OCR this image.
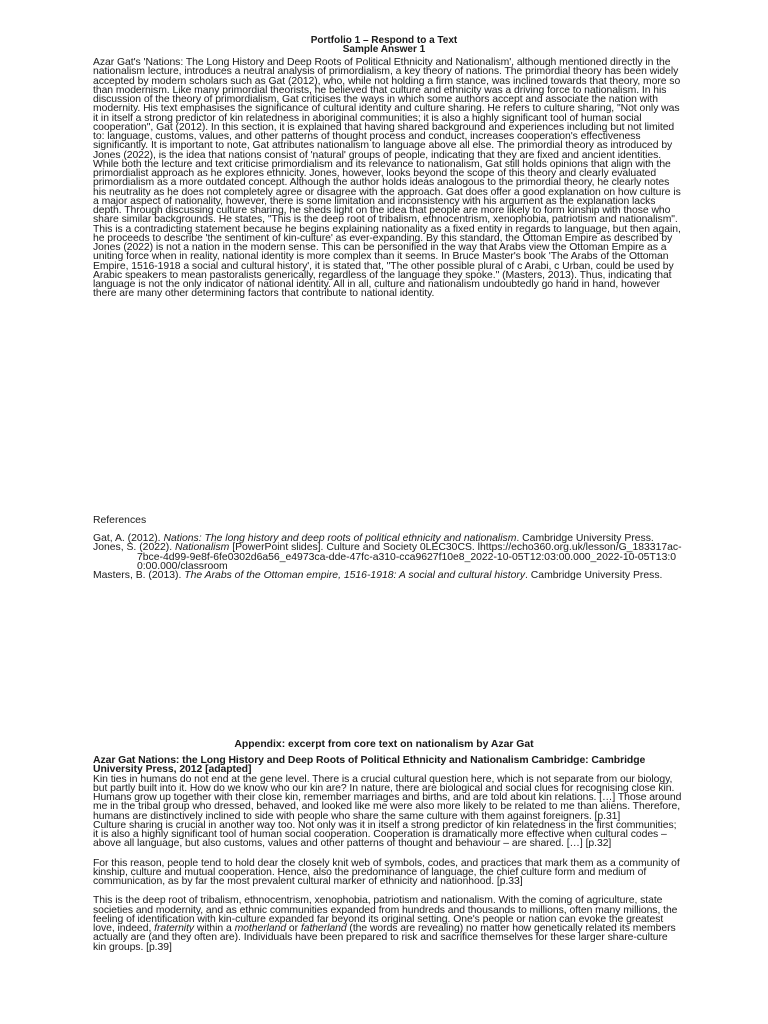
Portfolio 1 – Respond to a Text
Sample Answer 1

Azar Gat's 'Nations: The Long History and Deep Roots of Political Ethnicity and Nationalism', although mentioned directly in the nationalism lecture, introduces a neutral analysis of primordialism, a key theory of nations. The primordial theory has been widely accepted by modern scholars such as Gat (2012), who, while not holding a firm stance, was inclined towards that theory, more so than modernism. Like many primordial theorists, he believed that culture and ethnicity was a driving force to nationalism. In his discussion of the theory of primordialism, Gat criticises the ways in which some authors accept and associate the nation with modernity. His text emphasises the significance of cultural identity and culture sharing. He refers to culture sharing, "Not only was it in itself a strong predictor of kin relatedness in aboriginal communities; it is also a highly significant tool of human social cooperation", Gat (2012). In this section, it is explained that having shared background and experiences including but not limited to: language, customs, values, and other patterns of thought process and conduct, increases cooperation's effectiveness significantly. It is important to note, Gat attributes nationalism to language above all else. The primordial theory as introduced by Jones (2022), is the idea that nations consist of 'natural' groups of people, indicating that they are fixed and ancient identities. While both the lecture and text criticise primordialism and its relevance to nationalism, Gat still holds opinions that align with the primordialist approach as he explores ethnicity. Jones, however, looks beyond the scope of this theory and clearly evaluated primordialism as a more outdated concept. Although the author holds ideas analogous to the primordial theory, he clearly notes his neutrality as he does not completely agree or disagree with the approach. Gat does offer a good explanation on how culture is a major aspect of nationality, however, there is some limitation and inconsistency with his argument as the explanation lacks depth. Through discussing culture sharing, he sheds light on the idea that people are more likely to form kinship with those who share similar backgrounds. He states, "This is the deep root of tribalism, ethnocentrism, xenophobia, patriotism and nationalism". This is a contradicting statement because he begins explaining nationality as a fixed entity in regards to language, but then again, he proceeds to describe 'the sentiment of kin-culture' as ever-expanding. By this standard, the Ottoman Empire as described by Jones (2022) is not a nation in the modern sense. This can be personified in the way that Arabs view the Ottoman Empire as a uniting force when in reality, national identity is more complex than it seems. In Bruce Master's book 'The Arabs of the Ottoman Empire, 1516-1918 a social and cultural history', it is stated that, "The other possible plural of c Arabi, c Urban, could be used by Arabic speakers to mean pastoralists generically, regardless of the language they spoke." (Masters, 2013). Thus, indicating that language is not the only indicator of national identity. All in all, culture and nationalism undoubtedly go hand in hand, however there are many other determining factors that contribute to national identity.

References

Gat, A. (2012). Nations: The long history and deep roots of political ethnicity and nationalism. Cambridge University Press.

Jones, S. (2022). Nationalism [PowerPoint slides]. Culture and Society 0LEC30CS. lhttps://echo360.org.uk/lesson/G_183317ac-7bce-4d99-9e8f-6fe0302d6a56_e4973ca-dde-47fc-a310-cca9627f10e8_2022-10-05T12:03:00.000_2022-10-05T13:00:00.000/classroom

Masters, B. (2013). The Arabs of the Ottoman empire, 1516-1918: A social and cultural history. Cambridge University Press.

Appendix: excerpt from core text on nationalism by Azar Gat

Azar Gat Nations: the Long History and Deep Roots of Political Ethnicity and Nationalism Cambridge: Cambridge University Press, 2012 [adapted]

Kin ties in humans do not end at the gene level. There is a crucial cultural question here, which is not separate from our biology, but partly built into it. How do we know who our kin are? In nature, there are biological and social clues for recognising close kin. Humans grow up together with their close kin, remember marriages and births, and are told about kin relations. […] Those around me in the tribal group who dressed, behaved, and looked like me were also more likely to be related to me than aliens. Therefore, humans are distinctively inclined to side with people who share the same culture with them against foreigners. [p.31]

Culture sharing is crucial in another way too. Not only was it in itself a strong predictor of kin relatedness in the first communities; it is also a highly significant tool of human social cooperation. Cooperation is dramatically more effective when cultural codes – above all language, but also customs, values and other patterns of thought and behaviour – are shared. […] [p.32]

For this reason, people tend to hold dear the closely knit web of symbols, codes, and practices that mark them as a community of kinship, culture and mutual cooperation. Hence, also the predominance of language, the chief culture form and medium of communication, as by far the most prevalent cultural marker of ethnicity and nationhood. [p.33]

This is the deep root of tribalism, ethnocentrism, xenophobia, patriotism and nationalism. With the coming of agriculture, state societies and modernity, and as ethnic communities expanded from hundreds and thousands to millions, often many millions, the feeling of identification with kin-culture expanded far beyond its original setting. One's people or nation can evoke the greatest love, indeed, fraternity within a motherland or fatherland (the words are revealing) no matter how genetically related its members actually are (and they often are). Individuals have been prepared to risk and sacrifice themselves for these larger share-culture kin groups. [p.39]
